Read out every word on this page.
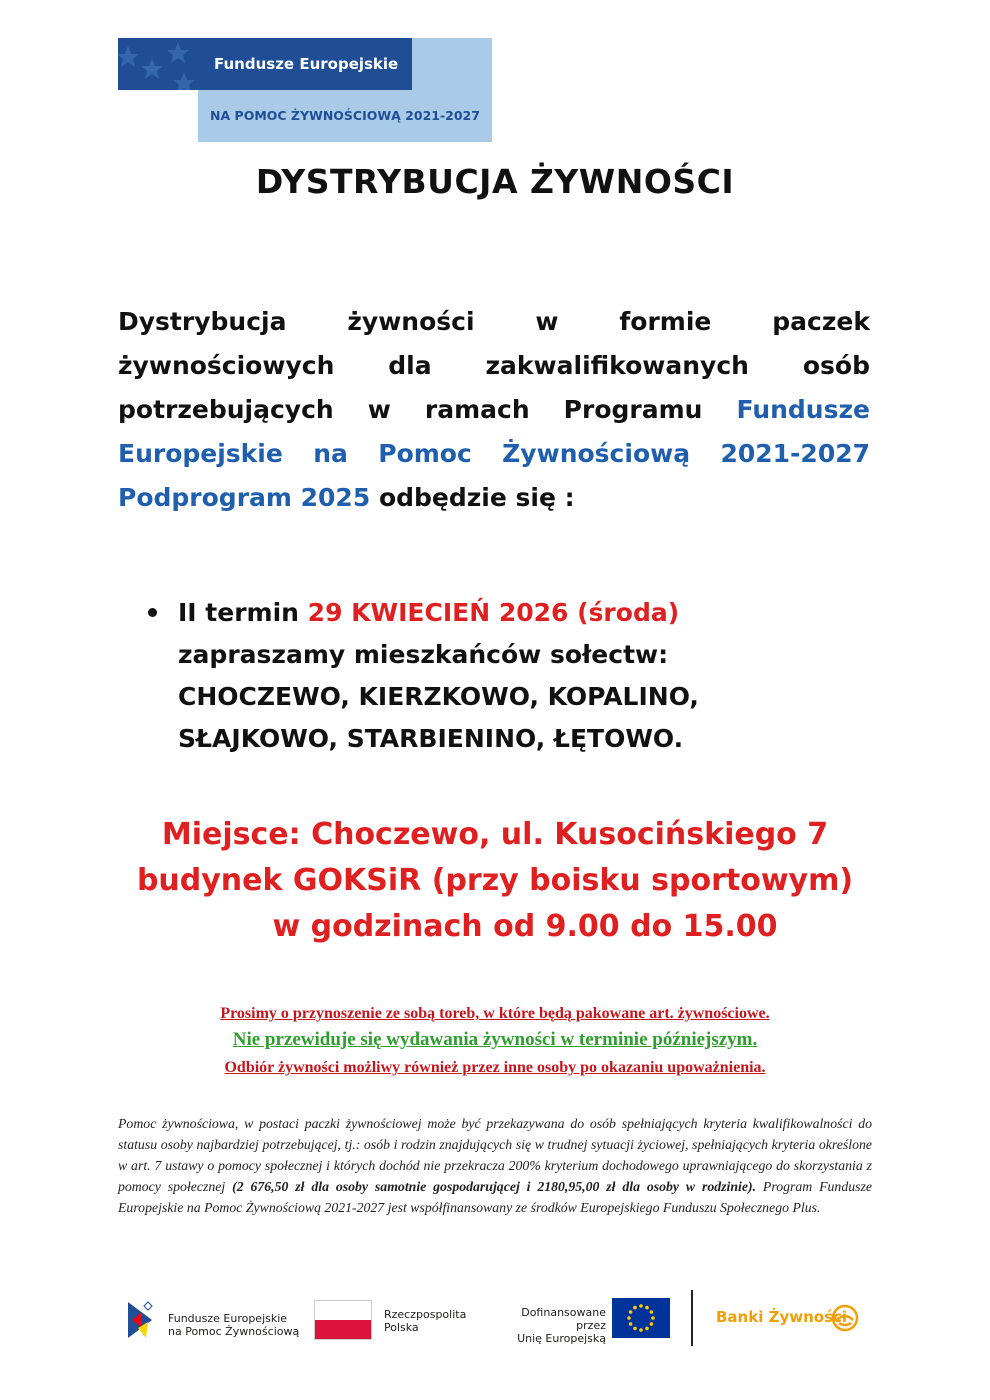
Fundusze Europejskie
NA POMOC ŻYWNOŚCIOWĄ 2021-2027
DYSTRYBUCJA ŻYWNOŚCI

Dystrybucja żywności w formie paczek żywnościowych dla zakwalifikowanych osób potrzebujących w ramach Programu Fundusze Europejskie na Pomoc Żywnościową 2021-2027 Podprogram 2025 odbędzie się :

II termin 29 KWIECIEŃ 2026 (środa)
zapraszamy mieszkańców sołectw:
CHOCZEWO, KIERZKOWO, KOPALINO,
SŁAJKOWO, STARBIENINO, ŁĘTOWO.
Miejsce: Choczewo, ul. Kusocińskiego 7
budynek GOKSiR (przy boisku sportowym)
w godzinach od 9.00 do 15.00
Prosimy o przynoszenie ze sobą toreb, w które będą pakowane art. żywnościowe.
Nie przewiduje się wydawania żywności w terminie późniejszym.
Odbiór żywności możliwy również przez inne osoby po okazaniu upoważnienia.

Pomoc żywnościowa, w postaci paczki żywnościowej może być przekazywana do osób spełniających kryteria kwalifikowalności do statusu osoby najbardziej potrzebującej, tj.: osób i rodzin znajdujących się w trudnej sytuacji życiowej, spełniających kryteria określone w art. 7 ustawy o pomocy społecznej i których dochód nie przekracza 200% kryterium dochodowego uprawniającego do skorzystania z pomocy społecznej (2 676,50 zł dla osoby samotnie gospodarującej i 2180,95,00 zł dla osoby w rodzinie). Program Fundusze Europejskie na Pomoc Żywnościową 2021-2027 jest współfinansowany ze środków Europejskiego Funduszu Społecznego Plus.

Fundusze Europejskie
na Pomoc Żywnościową
Rzeczpospolita
Polska
Dofinansowane przez
Unię Europejską
Banki Żywności
